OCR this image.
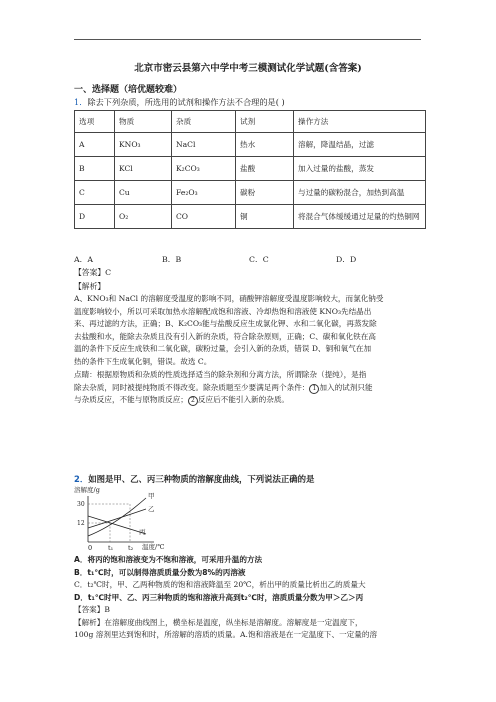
北京市密云县第六中学中考三模测试化学试题(含答案)
一、选择题（培优题较难）
1．除去下列杂质，所选用的试剂和操作方法不合理的是( )
选项	物质	杂质	试剂	操作方法
A	KNO₃	NaCl	热水	溶解，降温结晶，过滤
B	KCl	K₂CO₃	盐酸	加入过量的盐酸，蒸发
C	Cu	Fe₂O₃	碳粉	与过量的碳粉混合，加热到高温
D	O₂	CO	铜	将混合气体缓缓通过足量的灼热铜网
A．A	B．B	C．C	D．D
【答案】C
【解析】
A、KNO₃和 NaCl 的溶解度受温度的影响不同，硝酸钾溶解度受温度影响较大，而氯化钠受
温度影响较小，所以可采取加热水溶解配成饱和溶液、冷却热饱和溶液使 KNO₃先结晶出
来、再过滤的方法，正确；B、K₂CO₃能与盐酸反应生成氯化钾、水和二氧化碳，再蒸发除
去盐酸和水，能除去杂质且没有引入新的杂质，符合除杂原则，正确；C、碳和氧化铁在高
温的条件下反应生成铁和二氧化碳，碳粉过量，会引入新的杂质，错误 D、铜和氧气在加
热的条件下生成氧化铜，错误。故选 C。
点睛：根据原物质和杂质的性质选择适当的除杂剂和分离方法，所谓除杂（提纯），是指
除去杂质，同时被提纯物质不得改变。除杂质题至少要满足两个条件： 1 加入的试剂只能
与杂质反应，不能与原物质反应； 2 反应后不能引入新的杂质。
2．如图是甲、乙、丙三种物质的溶解度曲线，下列说法正确的是
溶解度/g
30
12
甲
乙
丙
0 t₁ t₂ 温度/℃
A．将丙的饱和溶液变为不饱和溶液，可采用升温的方法
B．t₁℃时，可以制得溶质质量分数为8%的丙溶液
C．t₂℃时，甲、乙两种物质的饱和溶液降温至 20℃，析出甲的质量比析出乙的质量大
D．t₁℃时甲、乙、丙三种物质的饱和溶液升高到t₂℃时，溶质质量分数为甲＞乙＞丙
【答案】B
【解析】在溶解度曲线图上，横坐标是温度，纵坐标是溶解度。溶解度是一定温度下，
100g 溶剂里达到饱和时，所溶解的溶质的质量。A.饱和溶液是在一定温度下、一定量的溶
